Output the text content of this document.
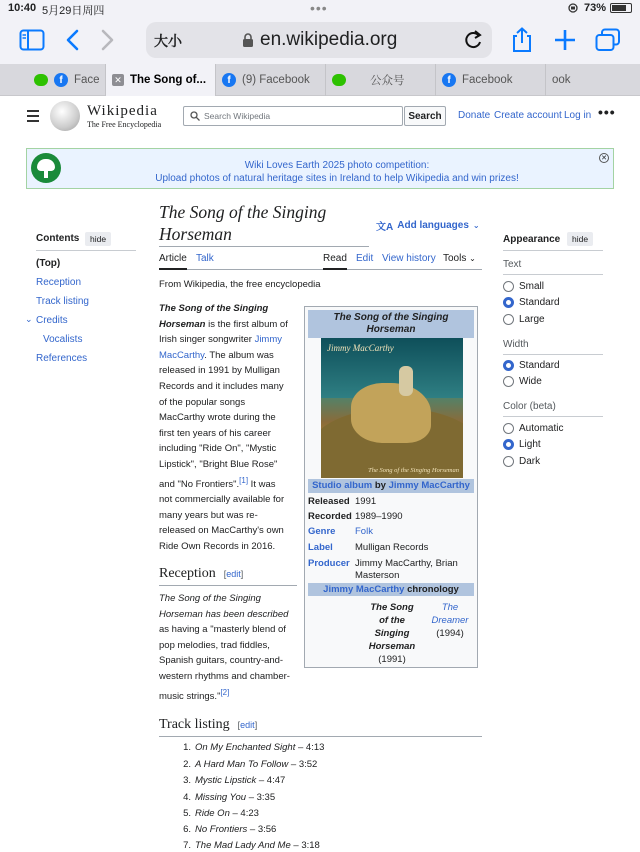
10:40 5月29日周四	•••	73%
大小	en.wikipedia.org
f Face ✕ The Song of...	f (9) Facebook	公众号	f Facebook	ook
Wikipedia
The Free Encyclopedia
Search Wikipedia	Search	Donate Create account Log in •••
Wiki Loves Earth 2025 photo competition:
Upload photos of natural heritage sites in Ireland to help Wikipedia and win prizes!
✕
Contents	hide
(Top)
Reception
Track listing
⌄ Credits
Vocalists
References
The Song of the Singing
Horseman	文A Add languages ⌄
Article Talk	Read Edit View history Tools ⌄
From Wikipedia, the free encyclopedia
The Song of the Singing
Horseman is the first album of
Irish singer songwriter Jimmy
MacCarthy. The album was
released in 1991 by Mulligan
Records and it includes many
of the popular songs
MacCarthy wrote during the
first ten years of his career
including "Ride On", "Mystic
Lipstick", "Bright Blue Rose"
and "No Frontiers".[1] It was
not commercially available for
many years but was re-
released on MacCarthy's own
Ride Own Records in 2016.
The Song of the Singing Horseman
Jimmy MacCarthy
The Song of the Singing Horseman
Studio album by Jimmy MacCarthy
Released 1991
Recorded 1989–1990
Genre Folk
Label Mulligan Records
Producer Jimmy MacCarthy, Brian Masterson
Jimmy MacCarthy chronology
The Song of the Singing Horseman
(1991)
The Dreamer
(1994)
Reception [edit]
The Song of the Singing
Horseman has been described
as having a "masterly blend of
pop melodies, trad fiddles,
Spanish guitars, country-and-
western rhythms and chamber-
music strings."[2]
Track listing [edit]
1. On My Enchanted Sight – 4:13
2. A Hard Man To Follow – 3:52
3. Mystic Lipstick – 4:47
4. Missing You – 3:35
5. Ride On – 4:23
6. No Frontiers – 3:56
7. The Mad Lady And Me – 3:18
Appearance	hide
Text
Small
Standard
Large
Width
Standard
Wide
Color (beta)
Automatic
Light
Dark
